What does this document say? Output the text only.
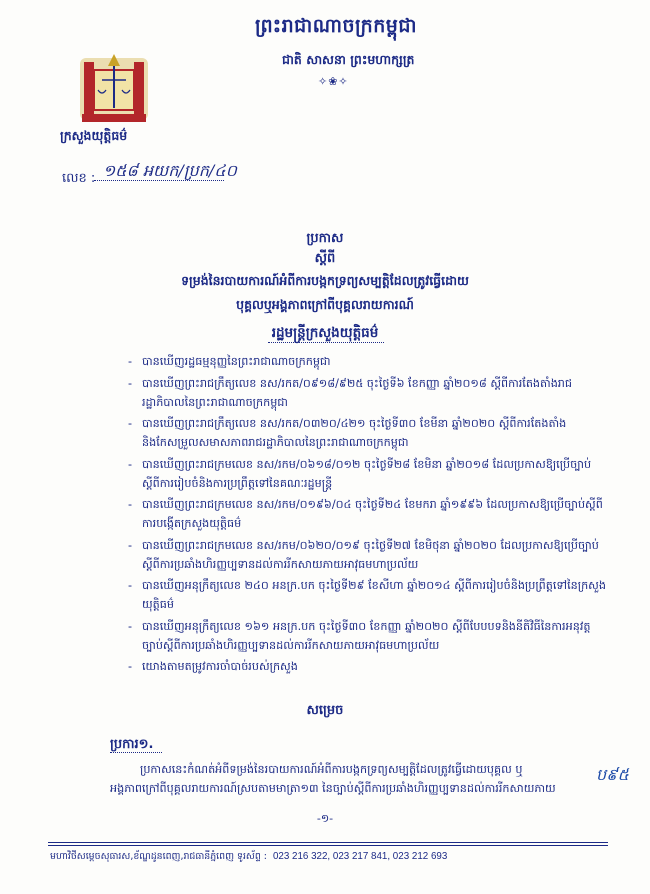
ព្រះរាជាណាចក្រកម្ពុជា
ជាតិ សាសនា ព្រះមហាក្សត្រ
✧❀✧
ក្រសួងយុត្តិធម៌
លេខ : ១៥៨ អយក/ប្រក/៤០
ប្រកាស
ស្ដីពី
ទម្រង់នៃរបាយការណ៍អំពីការបង្កកទ្រព្យសម្បត្តិដែលត្រូវធ្វើដោយ
បុគ្គលឬអង្គភាពក្រៅពីបុគ្គលរាយការណ៍
រដ្ឋមន្ត្រីក្រសួងយុត្តិធម៌
- បានឃើញរដ្ឋធម្មនុញ្ញនៃព្រះរាជាណាចក្រកម្ពុជា
- បានឃើញព្រះរាជក្រឹត្យលេខ នស/រកត/០៩១៨/៩២៥ ចុះថ្ងៃទី៦ ខែកញ្ញា ឆ្នាំ២០១៨ ស្ដីពីការតែងតាំងរាជរដ្ឋាភិបាលនៃព្រះរាជាណាចក្រកម្ពុជា
- បានឃើញព្រះរាជក្រឹត្យលេខ នស/រកត/០៣២០/៤២១ ចុះថ្ងៃទី៣០ ខែមីនា ឆ្នាំ២០២០ ស្ដីពីការតែងតាំង និងកែសម្រួលសមាសភាពរាជរដ្ឋាភិបាលនៃព្រះរាជាណាចក្រកម្ពុជា
- បានឃើញព្រះរាជក្រមលេខ នស/រកម/០៦១៨/០១២ ចុះថ្ងៃទី២៨ ខែមិនា ឆ្នាំ២០១៨ ដែលប្រកាសឱ្យប្រើច្បាប់ស្ដីពីការរៀបចំនិងការប្រព្រឹត្តទៅនៃគណៈរដ្ឋមន្ត្រី
- បានឃើញព្រះរាជក្រមលេខ នស/រកម/០១៩៦/០៤ ចុះថ្ងៃទី២៤ ខែមករា ឆ្នាំ១៩៩៦ ដែលប្រកាសឱ្យប្រើច្បាប់ស្ដីពីការបង្កើតក្រសួងយុត្តិធម៌
- បានឃើញព្រះរាជក្រមលេខ នស/រកម/០៦២០/០១៩ ចុះថ្ងៃទី២៧ ខែមិថុនា ឆ្នាំ២០២០ ដែលប្រកាសឱ្យប្រើច្បាប់ស្ដីពីការប្រឆាំងហិរញ្ញប្បទានដល់ការរីកសាយភាយអាវុធមហាប្រល័យ
- បានឃើញអនុក្រឹត្យលេខ ២៤០ អនក្រ.បក ចុះថ្ងៃទី២៩ ខែសីហា ឆ្នាំ២០១៤ ស្ដីពីការរៀបចំនិងប្រព្រឹត្តទៅនៃក្រសួងយុត្តិធម៌
- បានឃើញអនុក្រឹត្យលេខ ១៦១ អនក្រ.បក ចុះថ្ងៃទី៣០ ខែកញ្ញា ឆ្នាំ២០២០ ស្ដីពីបែបបទនិងនីតិវិធីនៃការអនុវត្តច្បាប់ស្ដីពីការប្រឆាំងហិរញ្ញប្បទានដល់ការរីកសាយភាយអាវុធមហាប្រល័យ
- យោងតាមតម្រូវការចាំបាច់របស់ក្រសួង
សម្រេច
ប្រការ១.
ប្រកាសនេះកំណត់អំពីទម្រង់នៃរបាយការណ៍អំពីការបង្កកទ្រព្យសម្បត្តិដែលត្រូវធ្វើដោយបុគ្គល ឬ
អង្គភាពក្រៅពីបុគ្គលរាយការណ៍ស្របតាមមាត្រា១៣ នៃច្បាប់ស្ដីពីការប្រឆាំងហិរញ្ញប្បទានដល់ការរីកសាយភាយ
ប៩៥
-១-
មហាវិថីសម្ដេចសុធារស,ខ័ណ្ឌដូនពេញ,រាជធានីភ្នំពេញ ទូរស័ព្ទ : 023 216 322, 023 217 841, 023 212 693
